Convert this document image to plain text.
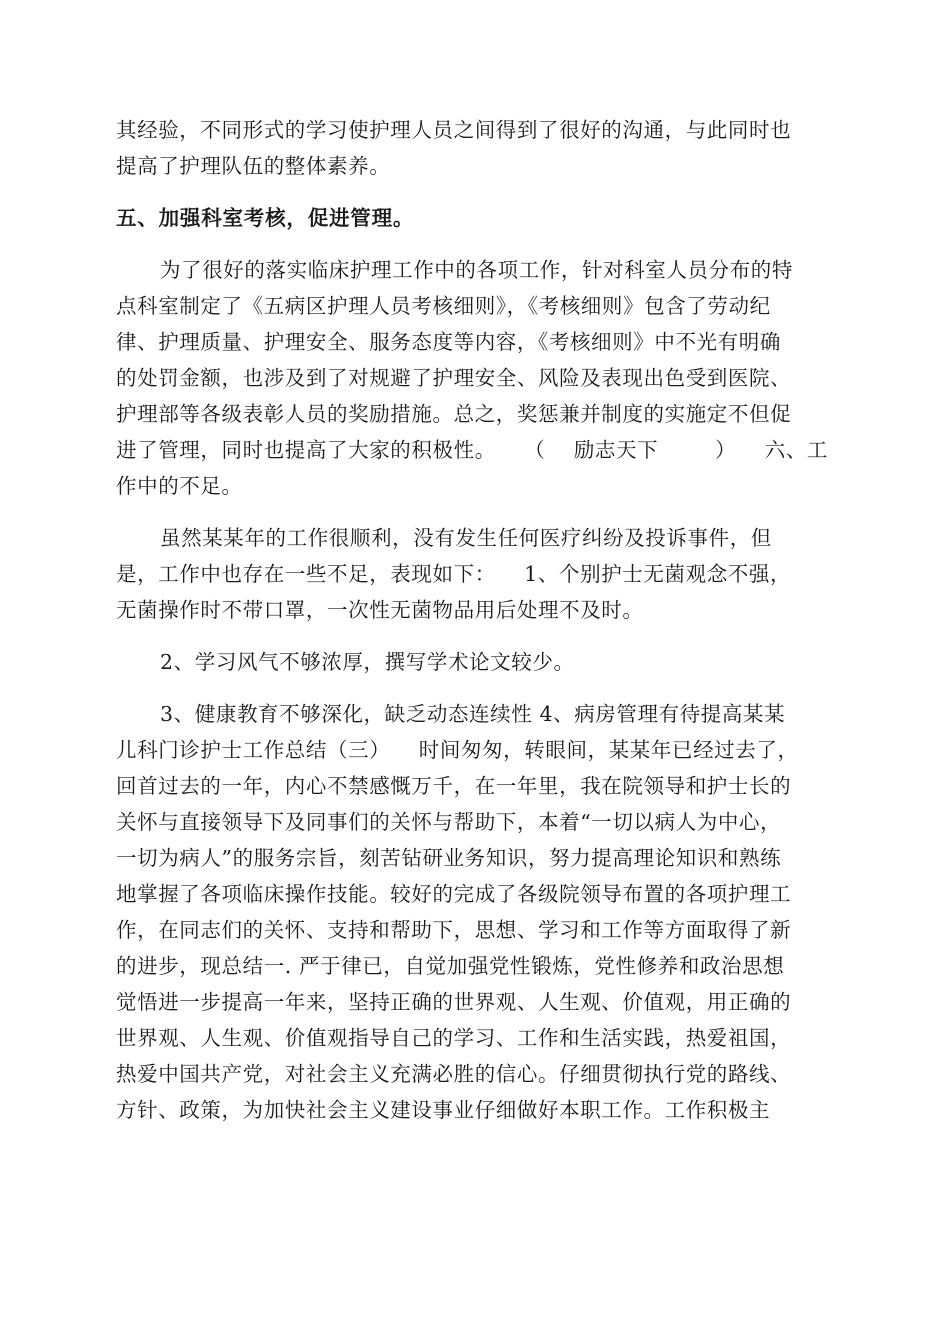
其经验，不同形式的学习使护理人员之间得到了很好的沟通，与此同时也
提高了护理队伍的整体素养。
五、加强科室考核，促进管理。
为了很好的落实临床护理工作中的各项工作，针对科室人员分布的特
点科室制定了《五病区护理人员考核细则》，《考核细则》包含了劳动纪
律、护理质量、护理安全、服务态度等内容，《考核细则》中不光有明确
的处罚金额，也涉及到了对规避了护理安全、风险及表现出色受到医院、
护理部等各级表彰人员的奖励措施。总之，奖惩兼并制度的实施定不但促
进了管理，同时也提高了大家的积极性。    （    励志天下        ）    六、工
作中的不足。
虽然某某年的工作很顺利，没有发生任何医疗纠纷及投诉事件，但
是，工作中也存在一些不足，表现如下：    1、个别护士无菌观念不强，
无菌操作时不带口罩，一次性无菌物品用后处理不及时。
2、学习风气不够浓厚，撰写学术论文较少。
3、健康教育不够深化，缺乏动态连续性 4、病房管理有待提高某某
儿科门诊护士工作总结（三）    时间匆匆，转眼间，某某年已经过去了，
回首过去的一年，内心不禁感慨万千，在一年里，我在院领导和护士长的
关怀与直接领导下及同事们的关怀与帮助下，本着“一切以病人为中心，
一切为病人”的服务宗旨，刻苦钻研业务知识，努力提高理论知识和熟练
地掌握了各项临床操作技能。较好的完成了各级院领导布置的各项护理工
作，在同志们的关怀、支持和帮助下，思想、学习和工作等方面取得了新
的进步，现总结一. 严于律已，自觉加强党性锻炼，党性修养和政治思想
觉悟进一步提高一年来，坚持正确的世界观、人生观、价值观，用正确的
世界观、人生观、价值观指导自己的学习、工作和生活实践，热爱祖国，
热爱中国共产党，对社会主义充满必胜的信心。仔细贯彻执行党的路线、
方针、政策，为加快社会主义建设事业仔细做好本职工作。工作积极主
